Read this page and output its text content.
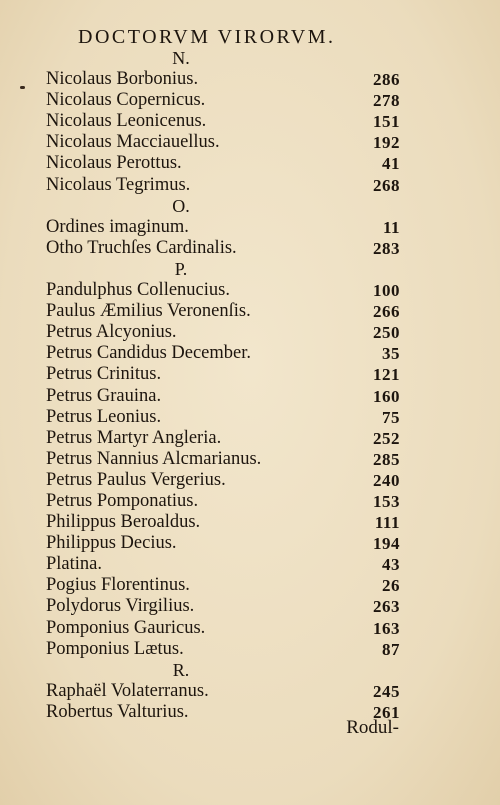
DOCTORVM VIRORVM.
N.
Nicolaus Borbonius.	286
Nicolaus Copernicus.	278
Nicolaus Leonicenus.	151
Nicolaus Macciauellus.	192
Nicolaus Perottus.	41
Nicolaus Tegrimus.	268
O.
Ordines imaginum.	11
Otho Truchſes Cardinalis.	283
P.
Pandulphus Collenucius.	100
Paulus Æmilius Veronenſis.	266
Petrus Alcyonius.	250
Petrus Candidus December.	35
Petrus Crinitus.	121
Petrus Grauina.	160
Petrus Leonius.	75
Petrus Martyr Angleria.	252
Petrus Nannius Alcmarianus.	285
Petrus Paulus Vergerius.	240
Petrus Pomponatius.	153
Philippus Beroaldus.	111
Philippus Decius.	194
Platina.	43
Pogius Florentinus.	26
Polydorus Virgilius.	263
Pomponius Gauricus.	163
Pomponius Lætus.	87
R.
Raphaël Volaterranus.	245
Robertus Valturius.	261
Rodul-
